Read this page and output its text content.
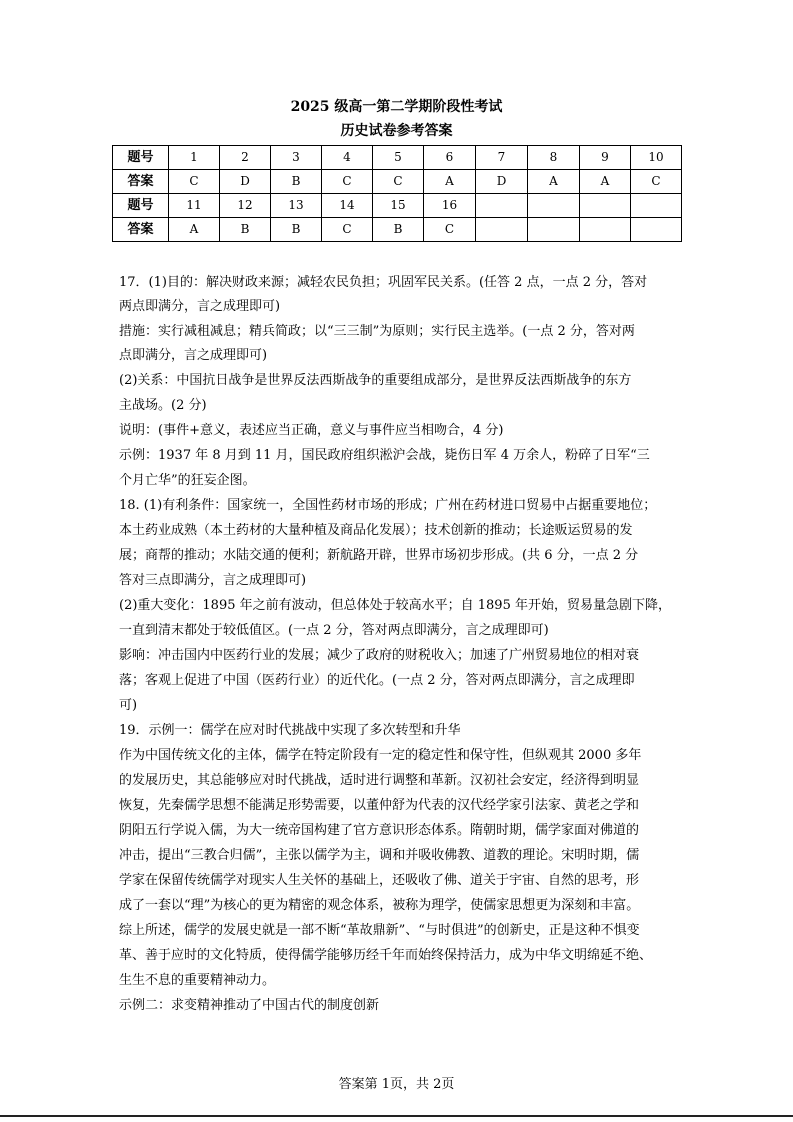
2025 级高一第二学期阶段性考试
历史试卷参考答案
题号	1	2	3	4	5	6	7	8	9	10
答案	C	D	B	C	C	A	D	A	A	C
题号	11	12	13	14	15	16				
答案	A	B	B	C	B	C				
17．(1)目的：解决财政来源；减轻农民负担；巩固军民关系。(任答 2 点，一点 2 分，答对
两点即满分，言之成理即可)
措施：实行减租减息；精兵简政；以“三三制”为原则；实行民主选举。(一点 2 分，答对两
点即满分，言之成理即可)
(2)关系：中国抗日战争是世界反法西斯战争的重要组成部分，是世界反法西斯战争的东方
主战场。(2 分)
说明：(事件+意义，表述应当正确，意义与事件应当相吻合，4 分)
示例：1937 年 8 月到 11 月，国民政府组织淞沪会战，毙伤日军 4 万余人，粉碎了日军“三
个月亡华”的狂妄企图。
18. (1)有利条件：国家统一，全国性药材市场的形成；广州在药材进口贸易中占据重要地位；
本土药业成熟（本土药材的大量种植及商品化发展）；技术创新的推动；长途贩运贸易的发
展；商帮的推动；水陆交通的便利；新航路开辟，世界市场初步形成。(共 6 分，一点 2 分
答对三点即满分，言之成理即可)
(2)重大变化：1895 年之前有波动，但总体处于较高水平；自 1895 年开始，贸易量急剧下降，
一直到清末都处于较低值区。(一点 2 分，答对两点即满分，言之成理即可)
影响：冲击国内中医药行业的发展；减少了政府的财税收入；加速了广州贸易地位的相对衰
落；客观上促进了中国（医药行业）的近代化。(一点 2 分，答对两点即满分，言之成理即
可)
19．示例一：儒学在应对时代挑战中实现了多次转型和升华
作为中国传统文化的主体，儒学在特定阶段有一定的稳定性和保守性，但纵观其 2000 多年
的发展历史，其总能够应对时代挑战，适时进行调整和革新。汉初社会安定，经济得到明显
恢复，先秦儒学思想不能满足形势需要，以董仲舒为代表的汉代经学家引法家、黄老之学和
阴阳五行学说入儒，为大一统帝国构建了官方意识形态体系。隋朝时期，儒学家面对佛道的
冲击，提出“三教合归儒”，主张以儒学为主，调和并吸收佛教、道教的理论。宋明时期，儒
学家在保留传统儒学对现实人生关怀的基础上，还吸收了佛、道关于宇宙、自然的思考，形
成了一套以“理”为核心的更为精密的观念体系，被称为理学，使儒家思想更为深刻和丰富。
综上所述，儒学的发展史就是一部不断“革故鼎新”、“与时俱进”的创新史，正是这种不惧变
革、善于应时的文化特质，使得儒学能够历经千年而始终保持活力，成为中华文明绵延不绝、
生生不息的重要精神动力。
示例二：求变精神推动了中国古代的制度创新
答案第 1页，共 2页
